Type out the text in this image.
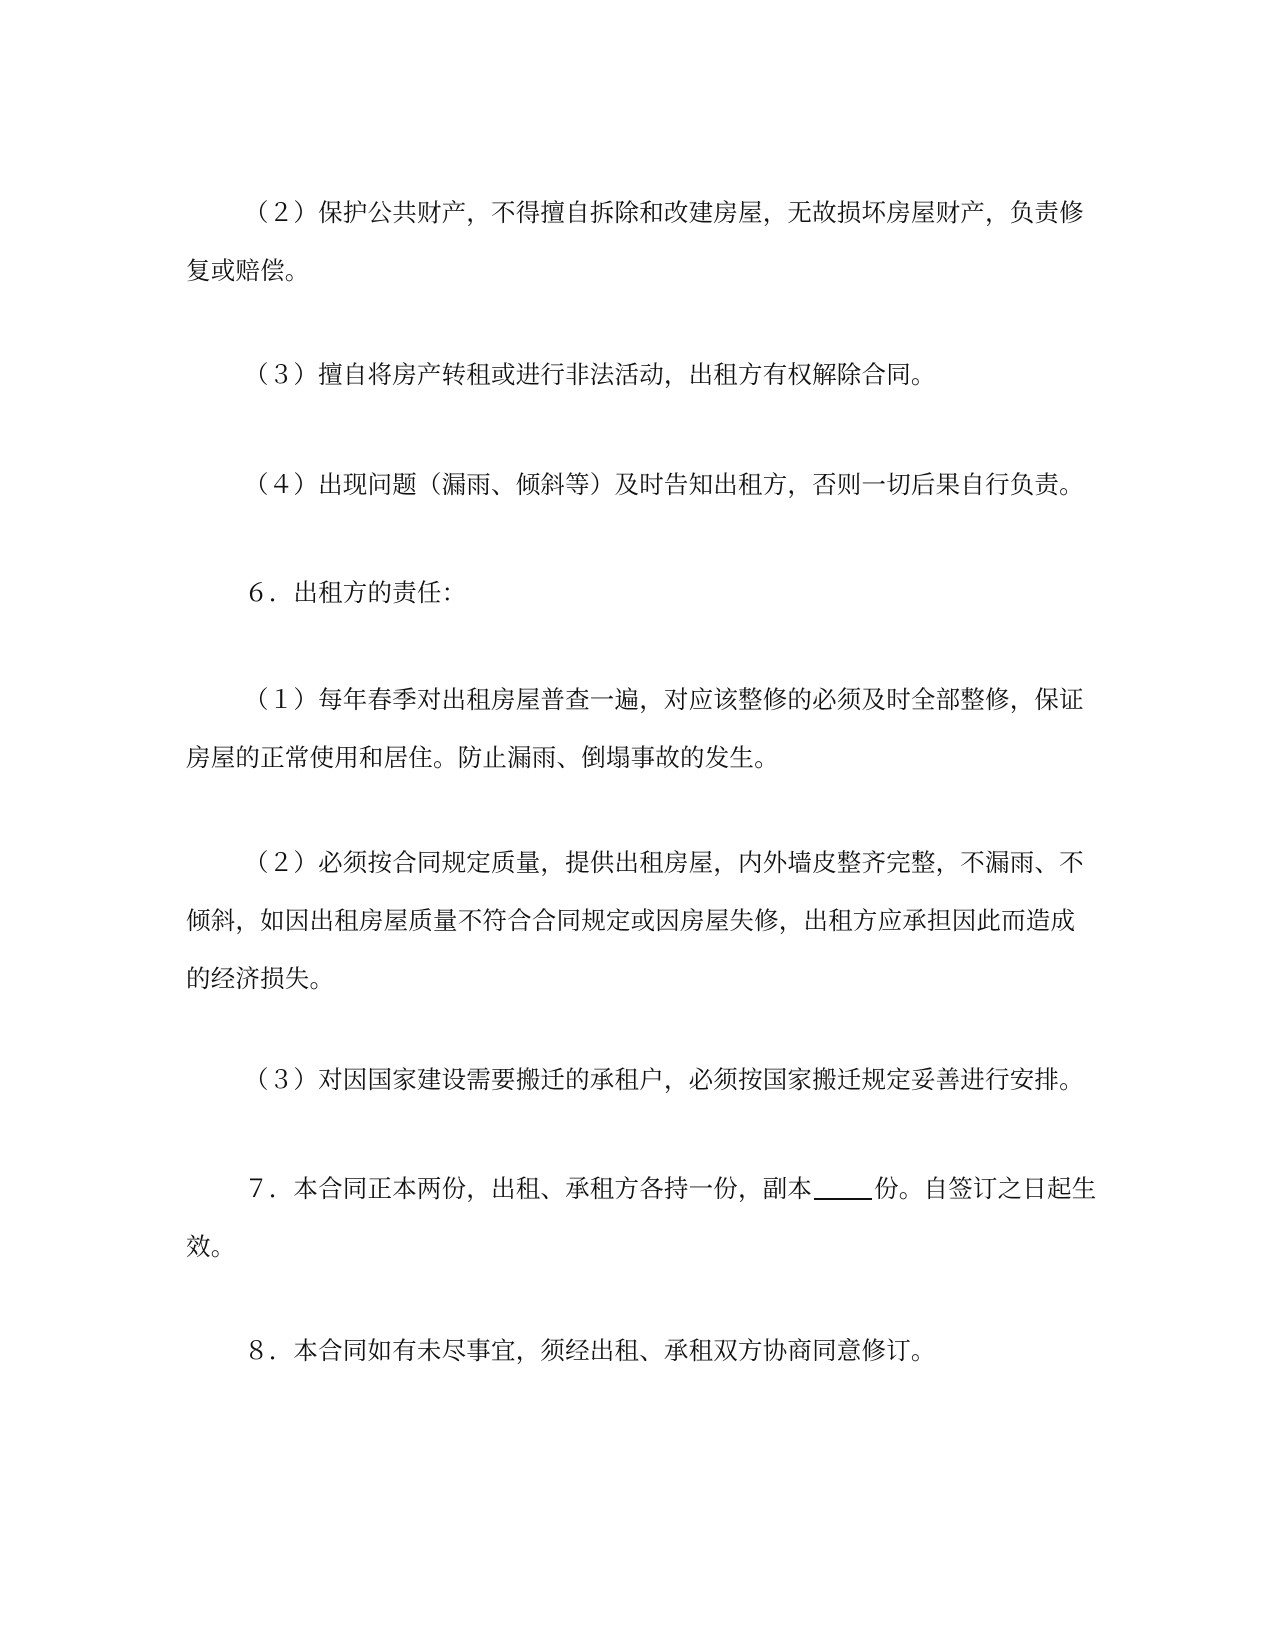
（２）保护公共财产，不得擅自拆除和改建房屋，无故损坏房屋财产，负责修
复或赔偿。
（３）擅自将房产转租或进行非法活动，出租方有权解除合同。
（４）出现问题（漏雨、倾斜等）及时告知出租方，否则一切后果自行负责。
６．出租方的责任：
（１）每年春季对出租房屋普查一遍，对应该整修的必须及时全部整修，保证
房屋的正常使用和居住。防止漏雨、倒塌事故的发生。
（２）必须按合同规定质量，提供出租房屋，内外墙皮整齐完整，不漏雨、不
倾斜，如因出租房屋质量不符合合同规定或因房屋失修，出租方应承担因此而造成
的经济损失。
（３）对因国家建设需要搬迁的承租户，必须按国家搬迁规定妥善进行安排。
７．本合同正本两份，出租、承租方各持一份，副本	份。自签订之日起生
效。
８．本合同如有未尽事宜，须经出租、承租双方协商同意修订。
